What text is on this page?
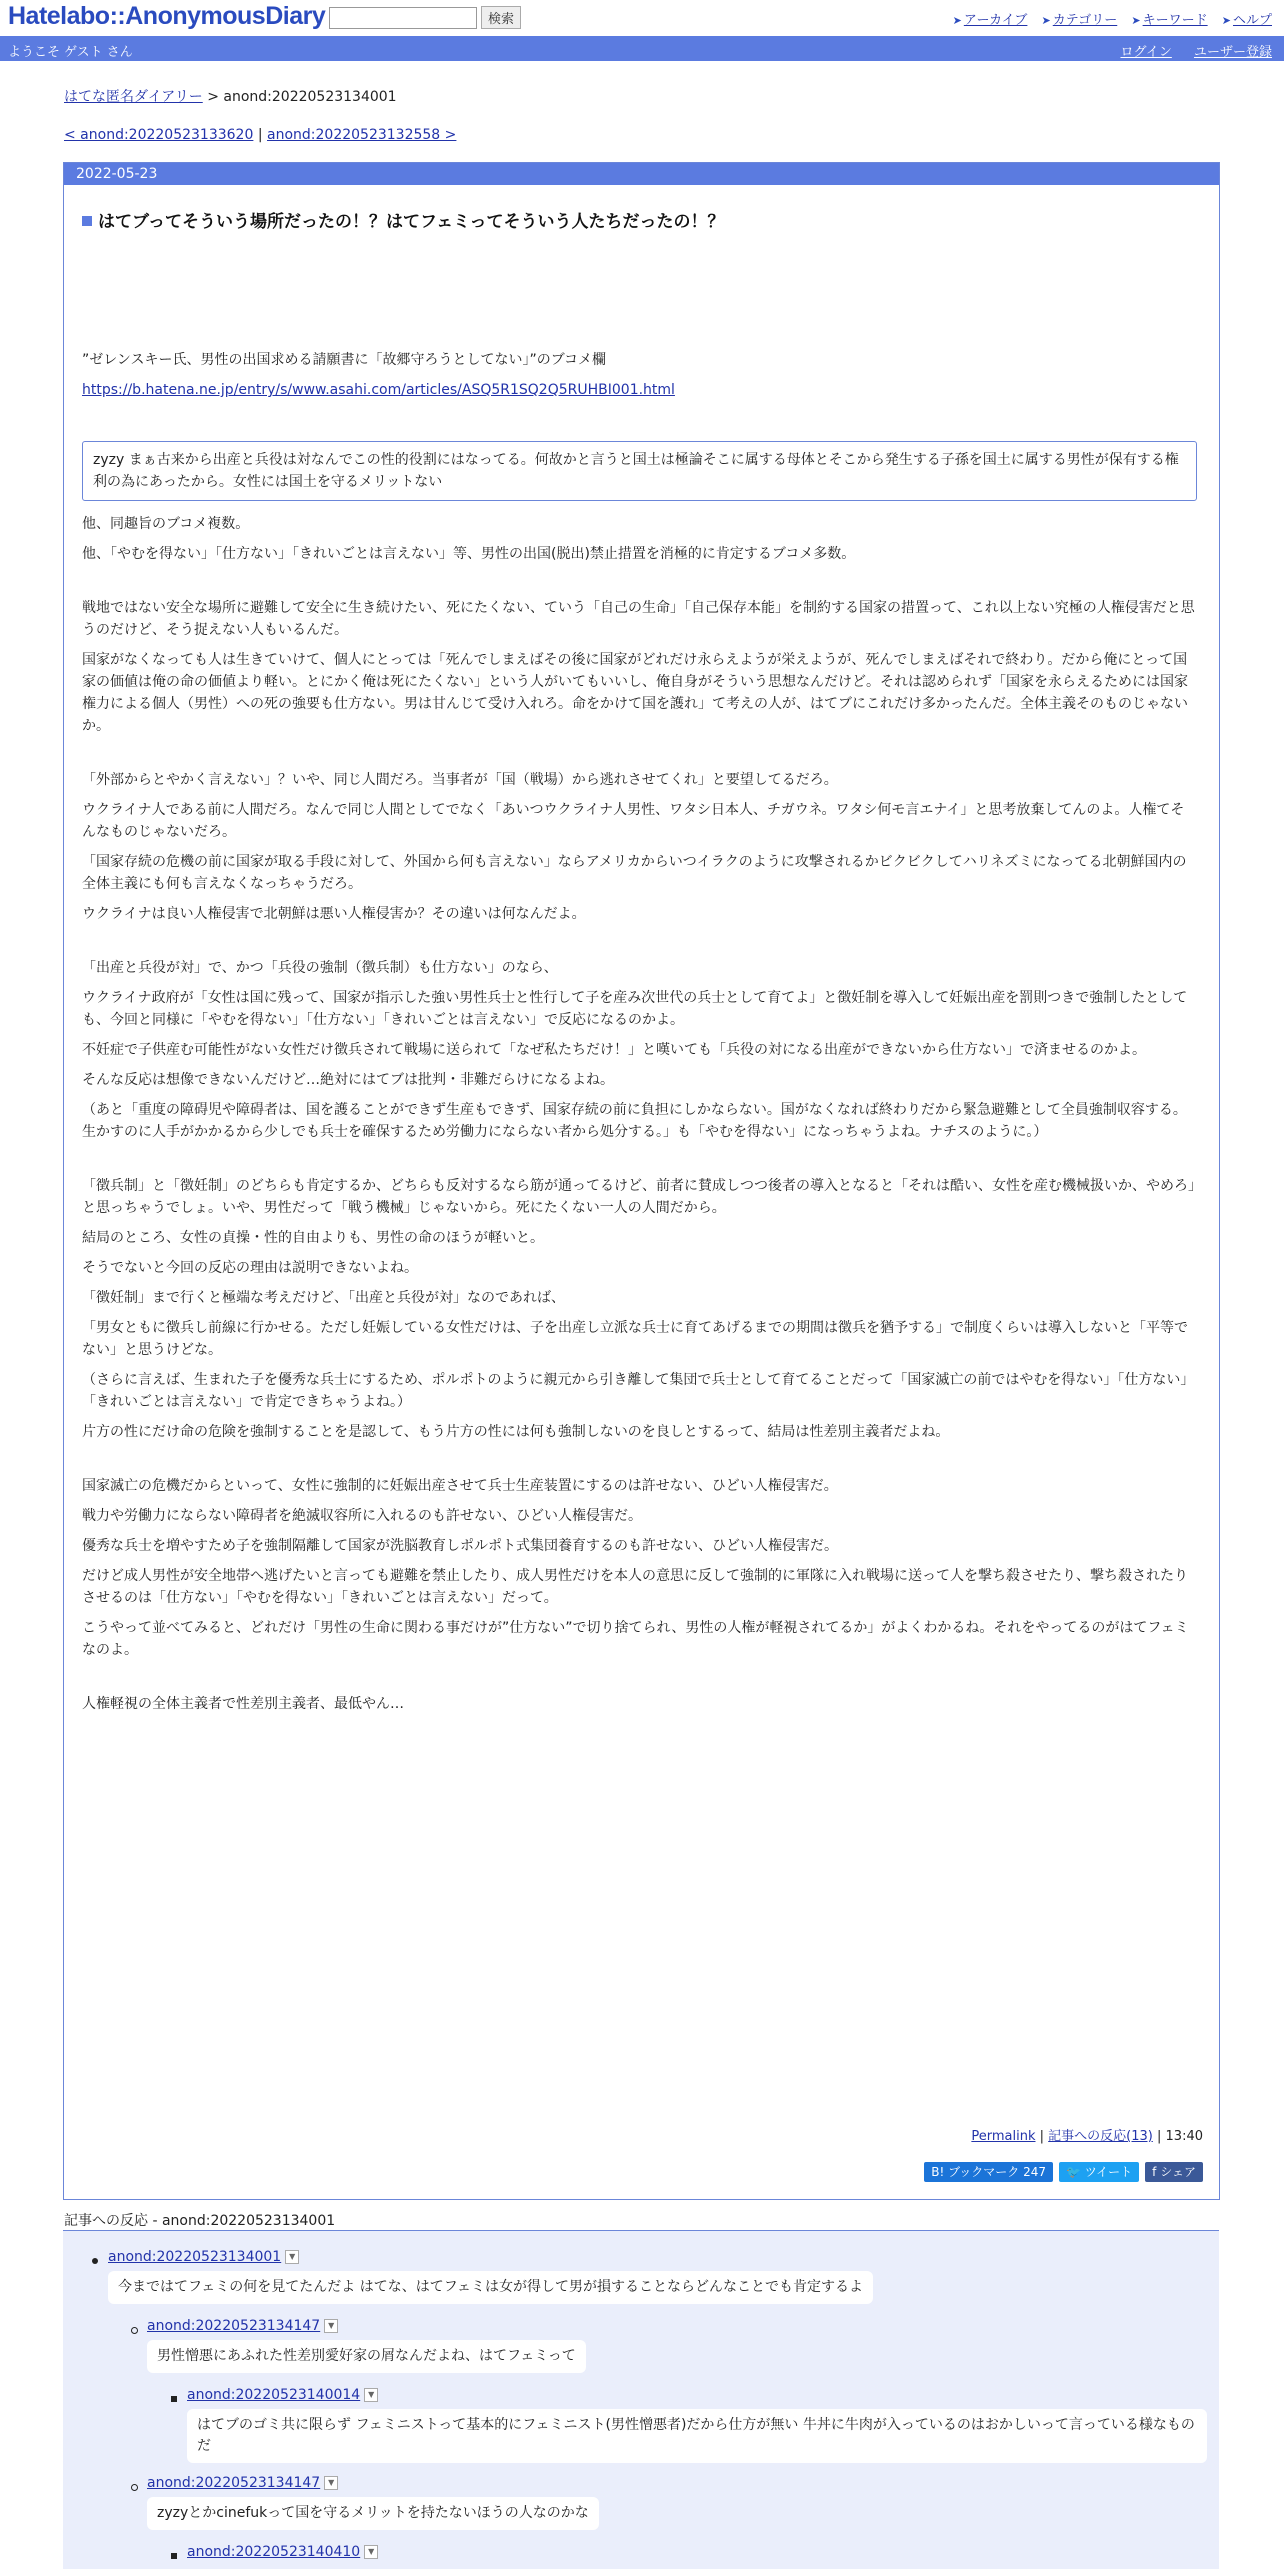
Hatelabo::AnonymousDiary	検索	➤ アーカイブ ➤ カテゴリー ➤ キーワード ➤ ヘルプ
ようこそ ゲスト さん	ログイン ユーザー登録
はてな匿名ダイアリー > anond:20220523134001
< anond:20220523133620 | anond:20220523132558 >
2022-05-23
はてブってそういう場所だったの！？はてフェミってそういう人たちだったの！？

”ゼレンスキー氏、男性の出国求める請願書に「故郷守ろうとしてない」”のブコメ欄

https://b.hatena.ne.jp/entry/s/www.asahi.com/articles/ASQ5R1SQ2Q5RUHBI001.html

zyzy まぁ古来から出産と兵役は対なんでこの性的役割にはなってる。何故かと言うと国土は極論そこに属する母体とそこから発生する子孫を国土に属する男性が保有する権利の為にあったから。女性には国土を守るメリットない

他、同趣旨のブコメ複数。

他、「やむを得ない」「仕方ない」「きれいごとは言えない」等、男性の出国(脱出)禁止措置を消極的に肯定するブコメ多数。

戦地ではない安全な場所に避難して安全に生き続けたい、死にたくない、ていう「自己の生命」「自己保存本能」を制約する国家の措置って、これ以上ない究極の人権侵害だと思うのだけど、そう捉えない人もいるんだ。

国家がなくなっても人は生きていけて、個人にとっては「死んでしまえばその後に国家がどれだけ永らえようが栄えようが、死んでしまえばそれで終わり。だから俺にとって国家の価値は俺の命の価値より軽い。とにかく俺は死にたくない」という人がいてもいいし、俺自身がそういう思想なんだけど。それは認められず「国家を永らえるためには国家権力による個人（男性）への死の強要も仕方ない。男は甘んじて受け入れろ。命をかけて国を護れ」て考えの人が、はてブにこれだけ多かったんだ。全体主義そのものじゃないか。

「外部からとやかく言えない」？いや、同じ人間だろ。当事者が「国（戦場）から逃れさせてくれ」と要望してるだろ。

ウクライナ人である前に人間だろ。なんで同じ人間としてでなく「あいつウクライナ人男性、ワタシ日本人、チガウネ。ワタシ何モ言エナイ」と思考放棄してんのよ。人権てそんなものじゃないだろ。

「国家存続の危機の前に国家が取る手段に対して、外国から何も言えない」ならアメリカからいつイラクのように攻撃されるかビクビクしてハリネズミになってる北朝鮮国内の全体主義にも何も言えなくなっちゃうだろ。

ウクライナは良い人権侵害で北朝鮮は悪い人権侵害か？その違いは何なんだよ。

「出産と兵役が対」で、かつ「兵役の強制（徴兵制）も仕方ない」のなら、

ウクライナ政府が「女性は国に残って、国家が指示した強い男性兵士と性行して子を産み次世代の兵士として育てよ」と徴妊制を導入して妊娠出産を罰則つきで強制したとしても、今回と同様に「やむを得ない」「仕方ない」「きれいごとは言えない」で反応になるのかよ。

不妊症で子供産む可能性がない女性だけ徴兵されて戦場に送られて「なぜ私たちだけ！」と嘆いても「兵役の対になる出産ができないから仕方ない」で済ませるのかよ。

そんな反応は想像できないんだけど…絶対にはてブは批判・非難だらけになるよね。

（あと「重度の障碍児や障碍者は、国を護ることができず生産もできず、国家存続の前に負担にしかならない。国がなくなれば終わりだから緊急避難として全員強制収容する。生かすのに人手がかかるから少しでも兵士を確保するため労働力にならない者から処分する。」も「やむを得ない」になっちゃうよね。ナチスのように。）

「徴兵制」と「徴妊制」のどちらも肯定するか、どちらも反対するなら筋が通ってるけど、前者に賛成しつつ後者の導入となると「それは酷い、女性を産む機械扱いか、やめろ」と思っちゃうでしょ。いや、男性だって「戦う機械」じゃないから。死にたくない一人の人間だから。

結局のところ、女性の貞操・性的自由よりも、男性の命のほうが軽いと。

そうでないと今回の反応の理由は説明できないよね。

「徴妊制」まで行くと極端な考えだけど、「出産と兵役が対」なのであれば、

「男女ともに徴兵し前線に行かせる。ただし妊娠している女性だけは、子を出産し立派な兵士に育てあげるまでの期間は徴兵を猶予する」で制度くらいは導入しないと「平等でない」と思うけどな。

（さらに言えば、生まれた子を優秀な兵士にするため、ポルポトのように親元から引き離して集団で兵士として育てることだって「国家滅亡の前ではやむを得ない」「仕方ない」「きれいごとは言えない」で肯定できちゃうよね。）

片方の性にだけ命の危険を強制することを是認して、もう片方の性には何も強制しないのを良しとするって、結局は性差別主義者だよね。

国家滅亡の危機だからといって、女性に強制的に妊娠出産させて兵士生産装置にするのは許せない、ひどい人権侵害だ。

戦力や労働力にならない障碍者を絶滅収容所に入れるのも許せない、ひどい人権侵害だ。

優秀な兵士を増やすため子を強制隔離して国家が洗脳教育しポルポト式集団養育するのも許せない、ひどい人権侵害だ。

だけど成人男性が安全地帯へ逃げたいと言っても避難を禁止したり、成人男性だけを本人の意思に反して強制的に軍隊に入れ戦場に送って人を撃ち殺させたり、撃ち殺されたりさせるのは「仕方ない」「やむを得ない」「きれいごとは言えない」だって。

こうやって並べてみると、どれだけ「男性の生命に関わる事だけが”仕方ない”で切り捨てられ、男性の人権が軽視されてるか」がよくわかるね。それをやってるのがはてフェミなのよ。

人権軽視の全体主義者で性差別主義者、最低やん…

Permalink | 記事への反応(13) | 13:40
B! ブックマーク 247 🐦 ツイート f シェア
記事への反応 - anond:20220523134001
anond:20220523134001 ▼
今まではてフェミの何を見てたんだよ はてな、はてフェミは女が得して男が損することならどんなことでも肯定するよ
anond:20220523134147 ▼
男性憎悪にあふれた性差別愛好家の屑なんだよね、はてフェミって
anond:20220523140014 ▼
はてブのゴミ共に限らず フェミニストって基本的にフェミニスト(男性憎悪者)だから仕方が無い 牛丼に牛肉が入っているのはおかしいって言っている様なものだ
anond:20220523134147 ▼
zyzyとかcinefukって国を守るメリットを持たないほうの人なのかな
anond:20220523140410 ▼
